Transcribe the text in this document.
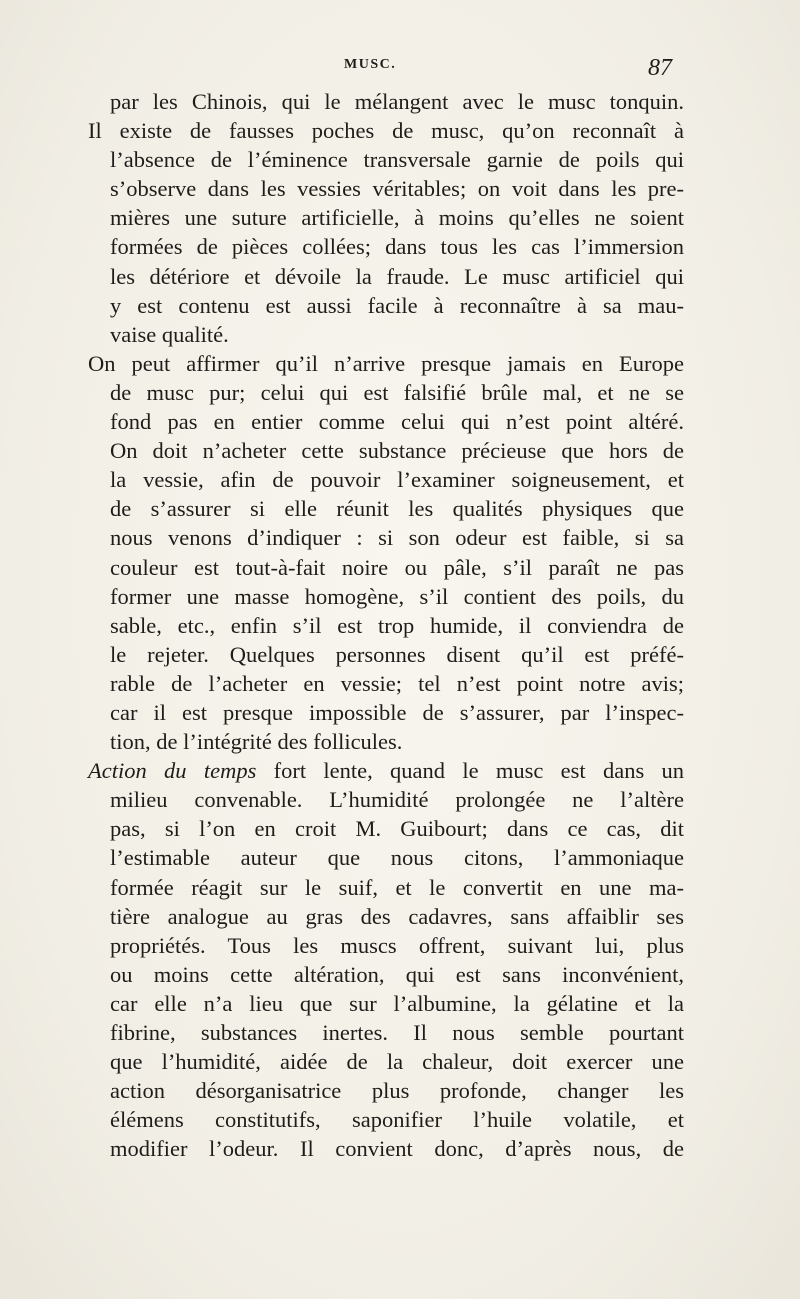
MUSC.	87
par les Chinois, qui le mélangent avec le musc tonquin.
Il existe de fausses poches de musc, qu’on reconnaît à
l’absence de l’éminence transversale garnie de poils qui
s’observe dans les vessies véritables; on voit dans les pre-
mières une suture artificielle, à moins qu’elles ne soient
formées de pièces collées; dans tous les cas l’immersion
les détériore et dévoile la fraude. Le musc artificiel qui
y est contenu est aussi facile à reconnaître à sa mau-
vaise qualité.
On peut affirmer qu’il n’arrive presque jamais en Europe
de musc pur; celui qui est falsifié brûle mal, et ne se
fond pas en entier comme celui qui n’est point altéré.
On doit n’acheter cette substance précieuse que hors de
la vessie, afin de pouvoir l’examiner soigneusement, et
de s’assurer si elle réunit les qualités physiques que
nous venons d’indiquer : si son odeur est faible, si sa
couleur est tout-à-fait noire ou pâle, s’il paraît ne pas
former une masse homogène, s’il contient des poils, du
sable, etc., enfin s’il est trop humide, il conviendra de
le rejeter. Quelques personnes disent qu’il est préfé-
rable de l’acheter en vessie; tel n’est point notre avis;
car il est presque impossible de s’assurer, par l’inspec-
tion, de l’intégrité des follicules.
Action du temps fort lente, quand le musc est dans un
milieu convenable. L’humidité prolongée ne l’altère
pas, si l’on en croit M. Guibourt; dans ce cas, dit
l’estimable auteur que nous citons, l’ammoniaque
formée réagit sur le suif, et le convertit en une ma-
tière analogue au gras des cadavres, sans affaiblir ses
propriétés. Tous les muscs offrent, suivant lui, plus
ou moins cette altération, qui est sans inconvénient,
car elle n’a lieu que sur l’albumine, la gélatine et la
fibrine, substances inertes. Il nous semble pourtant
que l’humidité, aidée de la chaleur, doit exercer une
action désorganisatrice plus profonde, changer les
élémens constitutifs, saponifier l’huile volatile, et
modifier l’odeur. Il convient donc, d’après nous, de
